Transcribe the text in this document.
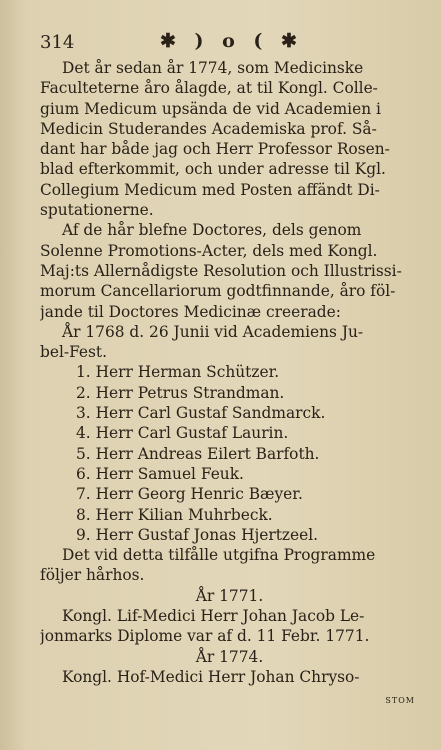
314	✱ ) o ( ✱
Det år sedan år 1774, som Medicinske
Faculteterne åro ålagde, at til Kongl. Colle-
gium Medicum upsända de vid Academien i
Medicin Studerandes Academiska prof. Så-
dant har både jag och Herr Professor Rosen-
blad efterkommit, och under adresse til Kgl.
Collegium Medicum med Posten affändt Di-
sputationerne.
Af de hår blefne Doctores, dels genom
Solenne Promotions-Acter, dels med Kongl.
Maj:ts Allernådigste Resolution och Illustrissi-
morum Cancellariorum godtfinnande, åro föl-
jande til Doctores Medicinæ creerade:
År 1768 d. 26 Junii vid Academiens Ju-
bel-Fest.
1. Herr Herman Schützer.
2. Herr Petrus Strandman.
3. Herr Carl Gustaf Sandmarck.
4. Herr Carl Gustaf Laurin.
5. Herr Andreas Eilert Barfoth.
6. Herr Samuel Feuk.
7. Herr Georg Henric Bæyer.
8. Herr Kilian Muhrbeck.
9. Herr Gustaf Jonas Hjertzeel.
Det vid detta tilfålle utgifna Programme
följer hårhos.
År 1771.
Kongl. Lif-Medici Herr Johan Jacob Le-
jonmarks Diplome var af d. 11 Febr. 1771.
År 1774.
Kongl. Hof-Medici Herr Johan Chryso-
stom
